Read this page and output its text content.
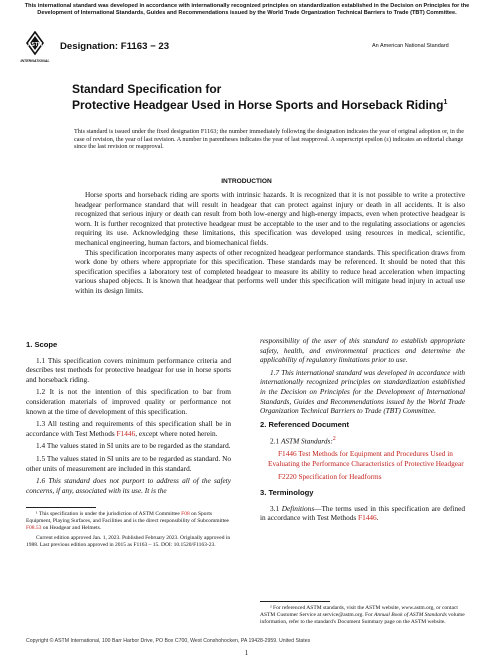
This international standard was developed in accordance with internationally recognized principles on standardization established in the Decision on Principles for the Development of International Standards, Guides and Recommendations issued by the World Trade Organization Technical Barriers to Trade (TBT) Committee.
ASTM
INTERNATIONAL
Designation: F1163 − 23	An American National Standard
Standard Specification for
Protective Headgear Used in Horse Sports and Horseback Riding$^1$
This standard is issued under the fixed designation F1163; the number immediately following the designation indicates the year of original adoption or, in the case of revision, the year of last revision. A number in parentheses indicates the year of last reapproval. A superscript epsilon (ε) indicates an editorial change since the last revision or reapproval.
INTRODUCTION

Horse sports and horseback riding are sports with intrinsic hazards. It is recognized that it is not possible to write a protective headgear performance standard that will result in headgear that can protect against injury or death in all accidents. It is also recognized that serious injury or death can result from both low-energy and high-energy impacts, even when protective headgear is worn. It is further recognized that protective headgear must be acceptable to the user and to the regulating associations or agencies requiring its use. Acknowledging these limitations, this specification was developed using resources in medical, scientific, mechanical engineering, human factors, and biomechanical fields.

This specification incorporates many aspects of other recognized headgear performance standards. This specification draws from work done by others where appropriate for this specification. These standards may be referenced. It should be noted that this specification specifies a laboratory test of completed headgear to measure its ability to reduce head acceleration when impacting various shaped objects. It is known that headgear that performs well under this specification will mitigate head injury in actual use within its design limits.

1. Scope

1.1 This specification covers minimum performance criteria and describes test methods for protective headgear for use in horse sports and horseback riding.

1.2 It is not the intention of this specification to bar from consideration materials of improved quality or performance not known at the time of development of this specification.

1.3 All testing and requirements of this specification shall be in accordance with Test Methods F1446, except where noted herein.

1.4 The values stated in SI units are to be regarded as the standard.

1.5 The values stated in SI units are to be regarded as standard. No other units of measurement are included in this standard.

1.6 This standard does not purport to address all of the safety concerns, if any, associated with its use. It is the

¹ This specification is under the jurisdiction of ASTM Committee F08 on Sports Equipment, Playing Surfaces, and Facilities and is the direct responsibility of Subcommittee F08.53 on Headgear and Helmets.

Current edition approved Jan. 1, 2023. Published February 2023. Originally approved in 1988. Last previous edition approved in 2015 as F1163 – 15. DOI: 10.1520/F1163-23.

responsibility of the user of this standard to establish appropriate safety, health, and environmental practices and determine the applicability of regulatory limitations prior to use.

1.7 This international standard was developed in accordance with internationally recognized principles on standardization established in the Decision on Principles for the Development of International Standards, Guides and Recommendations issued by the World Trade Organization Technical Barriers to Trade (TBT) Committee.

2. Referenced Document

2.1 ASTM Standards:$^2$

F1446 Test Methods for Equipment and Procedures Used in Evaluating the Performance Characteristics of Protective Headgear

F2220 Specification for Headforms

3. Terminology

3.1 Definitions—The terms used in this specification are defined in accordance with Test Methods F1446.

² For referenced ASTM standards, visit the ASTM website, www.astm.org, or contact ASTM Customer Service at service@astm.org. For Annual Book of ASTM Standards volume information, refer to the standard's Document Summary page on the ASTM website.

Copyright © ASTM International, 100 Barr Harbor Drive, PO Box C700, West Conshohocken, PA 19428-2959. United States
1
